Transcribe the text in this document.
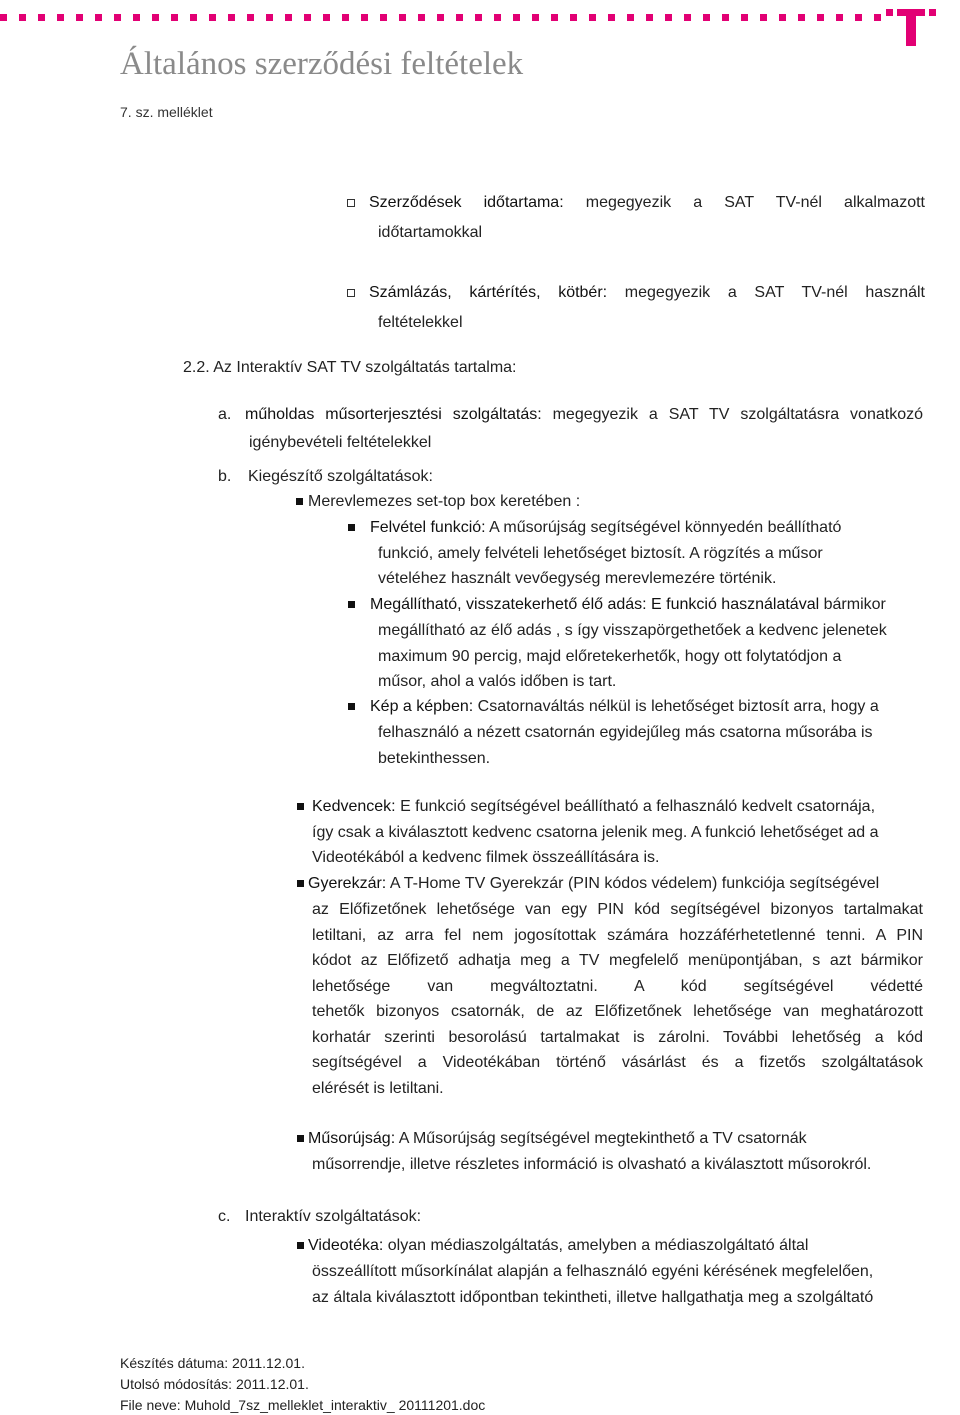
Általános szerződési feltételek
7. sz. melléklet
Szerződések időtartama: megegyezik a SAT TV-nél alkalmazott
időtartamokkal
Számlázás, kártérítés, kötbér: megegyezik a SAT TV-nél használt
feltételekkel
2.2. Az Interaktív SAT TV szolgáltatás tartalma:
a. műholdas műsorterjesztési szolgáltatás: megegyezik a SAT TV szolgáltatásra vonatkozó
igénybevételi feltételekkel
b. Kiegészítő szolgáltatások:
Merevlemezes set-top box keretében :
Felvétel funkció: A műsorújság segítségével könnyedén beállítható
funkció, amely felvételi lehetőséget biztosít. A rögzítés a műsor
vételéhez használt vevőegység merevlemezére történik.
Megállítható, visszatekerhető élő adás: E funkció használatával bármikor
megállítható az élő adás , s így visszapörgethetőek a kedvenc jelenetek
maximum 90 percig, majd előretekerhetők, hogy ott folytatódjon a
műsor, ahol a valós időben is tart.
Kép a képben: Csatornaváltás nélkül is lehetőséget biztosít arra, hogy a
felhasználó a nézett csatornán egyidejűleg más csatorna műsorába is
betekinthessen.
Kedvencek: E funkció segítségével beállítható a felhasználó kedvelt csatornája,
így csak a kiválasztott kedvenc csatorna jelenik meg. A funkció lehetőséget ad a
Videotékából a kedvenc filmek összeállítására is.
Gyerekzár: A T-Home TV Gyerekzár (PIN kódos védelem) funkciója segítségével
az Előfizetőnek lehetősége van egy PIN kód segítségével bizonyos tartalmakat
letiltani, az arra fel nem jogosítottak számára hozzáférhetetlenné tenni. A PIN
kódot az Előfizető adhatja meg a TV megfelelő menüpontjában, s azt bármikor
lehetősége van megváltoztatni. A kód segítségével védetté
tehetők bizonyos csatornák, de az Előfizetőnek lehetősége van meghatározott
korhatár szerinti besorolású tartalmakat is zárolni. További lehetőség a kód
segítségével a Videotékában történő vásárlást és a fizetős szolgáltatások
elérését is letiltani.
Műsorújság: A Műsorújság segítségével megtekinthető a TV csatornák
műsorrendje, illetve részletes információ is olvasható a kiválasztott műsorokról.
c. Interaktív szolgáltatások:
Videotéka: olyan médiaszolgáltatás, amelyben a médiaszolgáltató által
összeállított műsorkínálat alapján a felhasználó egyéni kérésének megfelelően,
az általa kiválasztott időpontban tekintheti, illetve hallgathatja meg a szolgáltató
Készítés dátuma: 2011.12.01.
Utolsó módosítás: 2011.12.01.
File neve: Muhold_7sz_melleklet_interaktiv_ 20111201.doc
